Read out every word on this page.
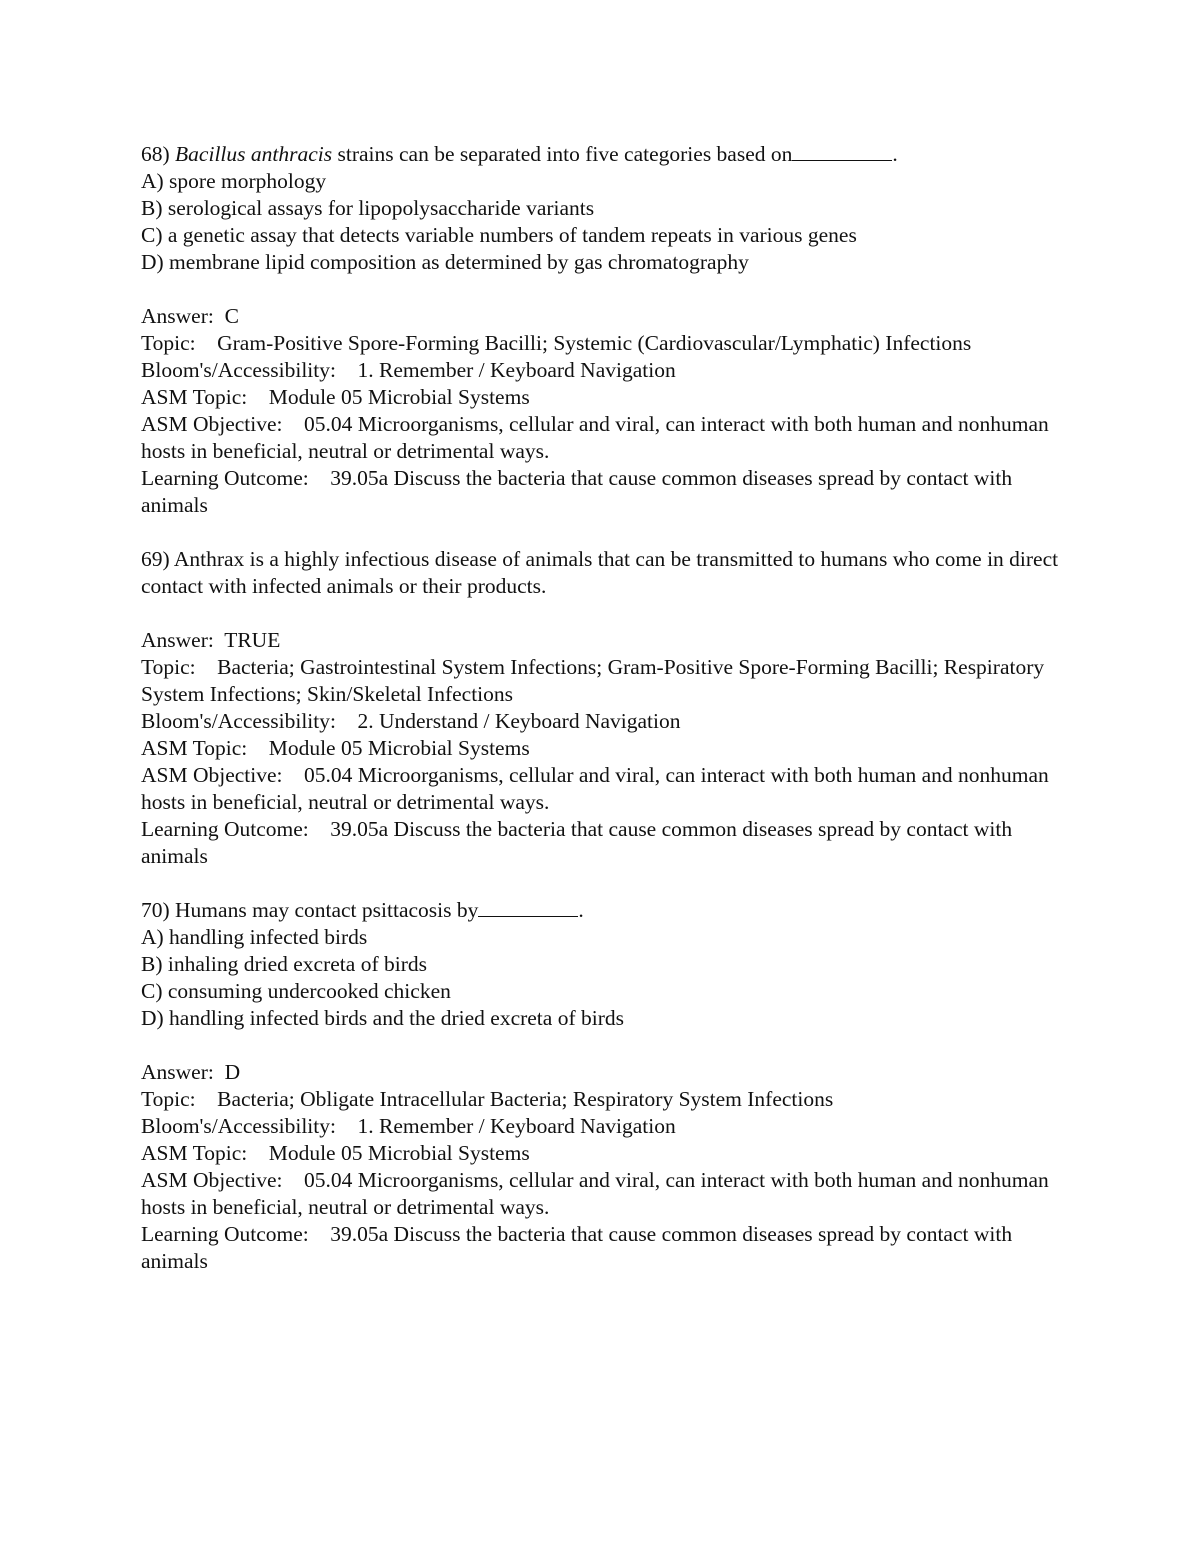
68) Bacillus anthracis strains can be separated into five categories based on	.
A) spore morphology
B) serological assays for lipopolysaccharide variants
C) a genetic assay that detects variable numbers of tandem repeats in various genes
D) membrane lipid composition as determined by gas chromatography
Answer:  C
Topic:    Gram-Positive Spore-Forming Bacilli; Systemic (Cardiovascular/Lymphatic) Infections
Bloom's/Accessibility:    1. Remember / Keyboard Navigation
ASM Topic:    Module 05 Microbial Systems
ASM Objective:    05.04 Microorganisms, cellular and viral, can interact with both human and nonhuman hosts in beneficial, neutral or detrimental ways.
Learning Outcome:    39.05a Discuss the bacteria that cause common diseases spread by contact with animals
69) Anthrax is a highly infectious disease of animals that can be transmitted to humans who come in direct contact with infected animals or their products.
Answer:  TRUE
Topic:    Bacteria; Gastrointestinal System Infections; Gram-Positive Spore-Forming Bacilli; Respiratory System Infections; Skin/Skeletal Infections
Bloom's/Accessibility:    2. Understand / Keyboard Navigation
ASM Topic:    Module 05 Microbial Systems
ASM Objective:    05.04 Microorganisms, cellular and viral, can interact with both human and nonhuman hosts in beneficial, neutral or detrimental ways.
Learning Outcome:    39.05a Discuss the bacteria that cause common diseases spread by contact with animals
70) Humans may contact psittacosis by	.
A) handling infected birds
B) inhaling dried excreta of birds
C) consuming undercooked chicken
D) handling infected birds and the dried excreta of birds
Answer:  D
Topic:    Bacteria; Obligate Intracellular Bacteria; Respiratory System Infections
Bloom's/Accessibility:    1. Remember / Keyboard Navigation
ASM Topic:    Module 05 Microbial Systems
ASM Objective:    05.04 Microorganisms, cellular and viral, can interact with both human and nonhuman hosts in beneficial, neutral or detrimental ways.
Learning Outcome:    39.05a Discuss the bacteria that cause common diseases spread by contact with animals
